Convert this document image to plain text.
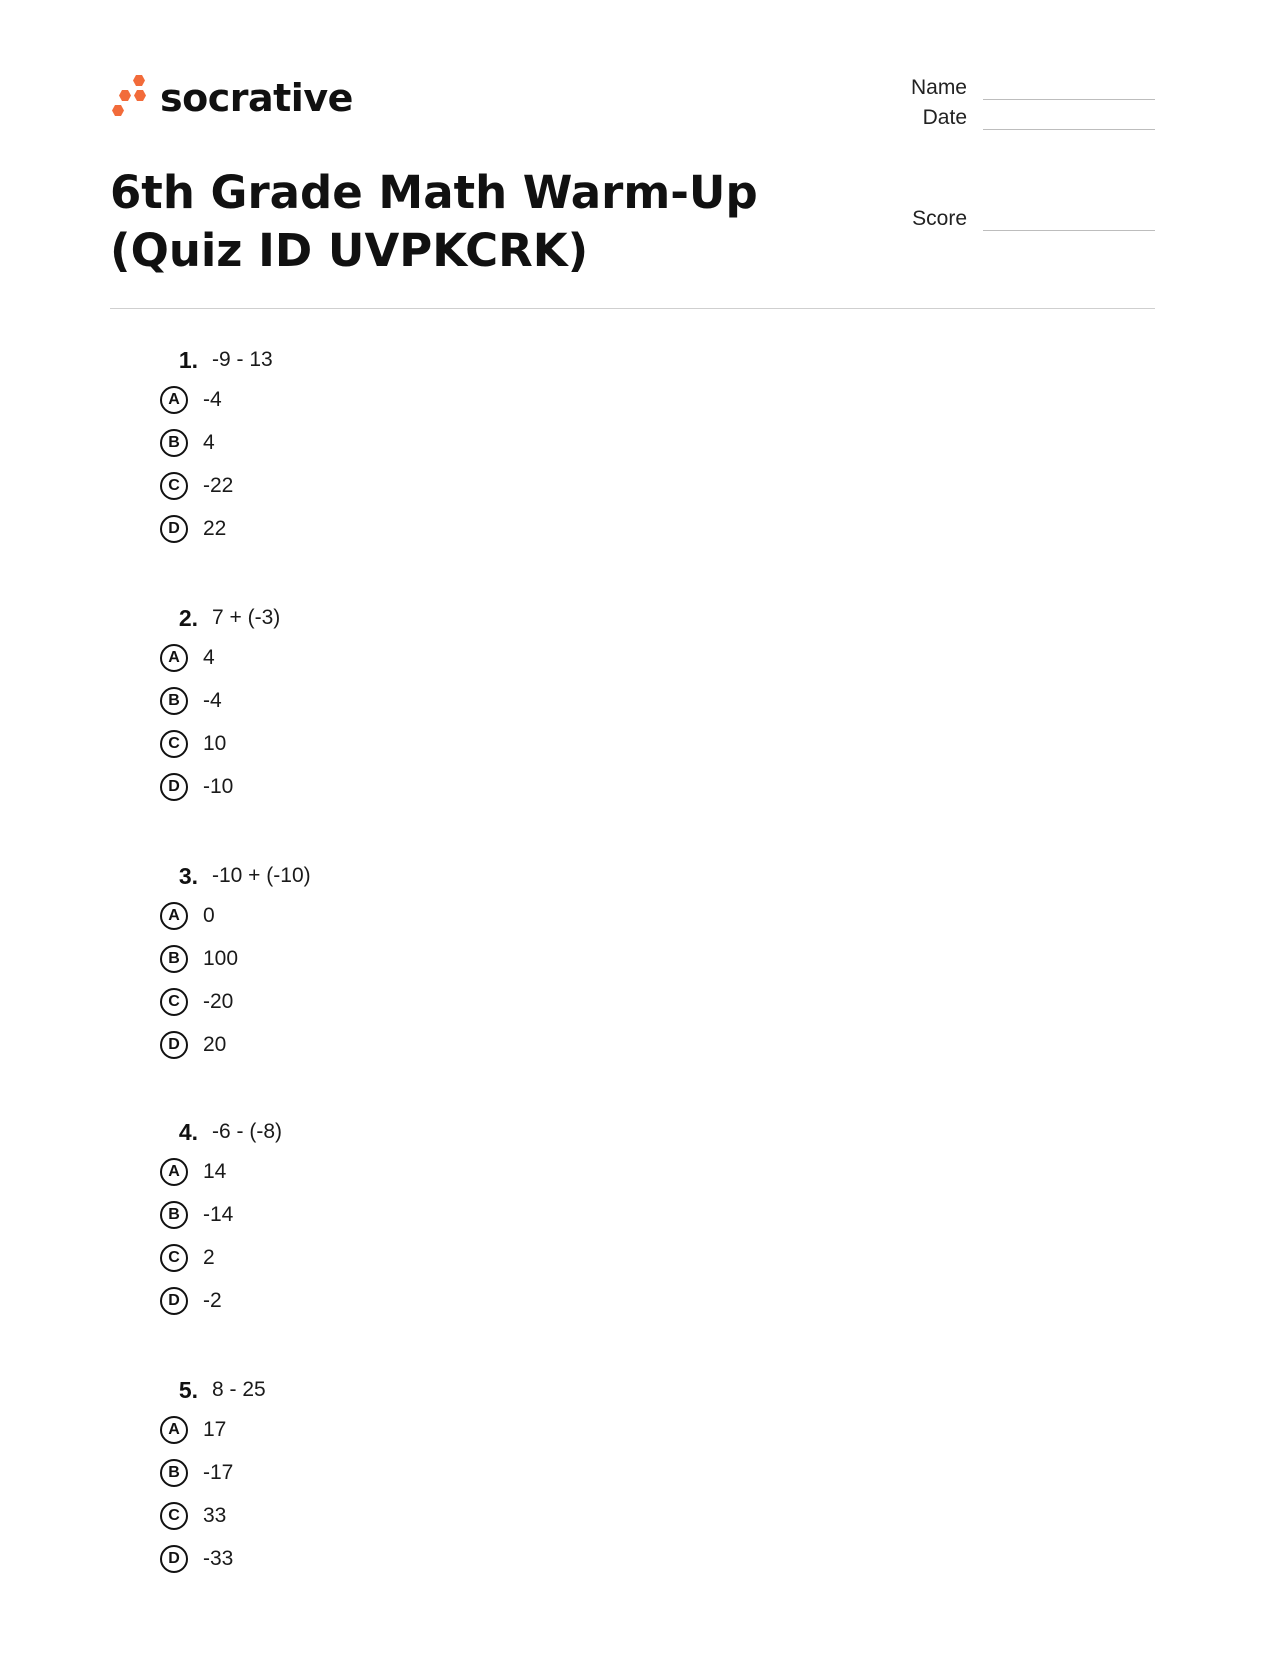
socrative	Name
Date
Score
6th Grade Math Warm-Up (Quiz ID UVPKCRK)
1. -9 - 13
A	-4
B	4
C	-22
D	22
2. 7 + (-3)
A	4
B	-4
C	10
D	-10
3. -10 + (-10)
A	0
B	100
C	-20
D	20
4. -6 - (-8)
A	14
B	-14
C	2
D	-2
5. 8 - 25
A	17
B	-17
C	33
D	-33
